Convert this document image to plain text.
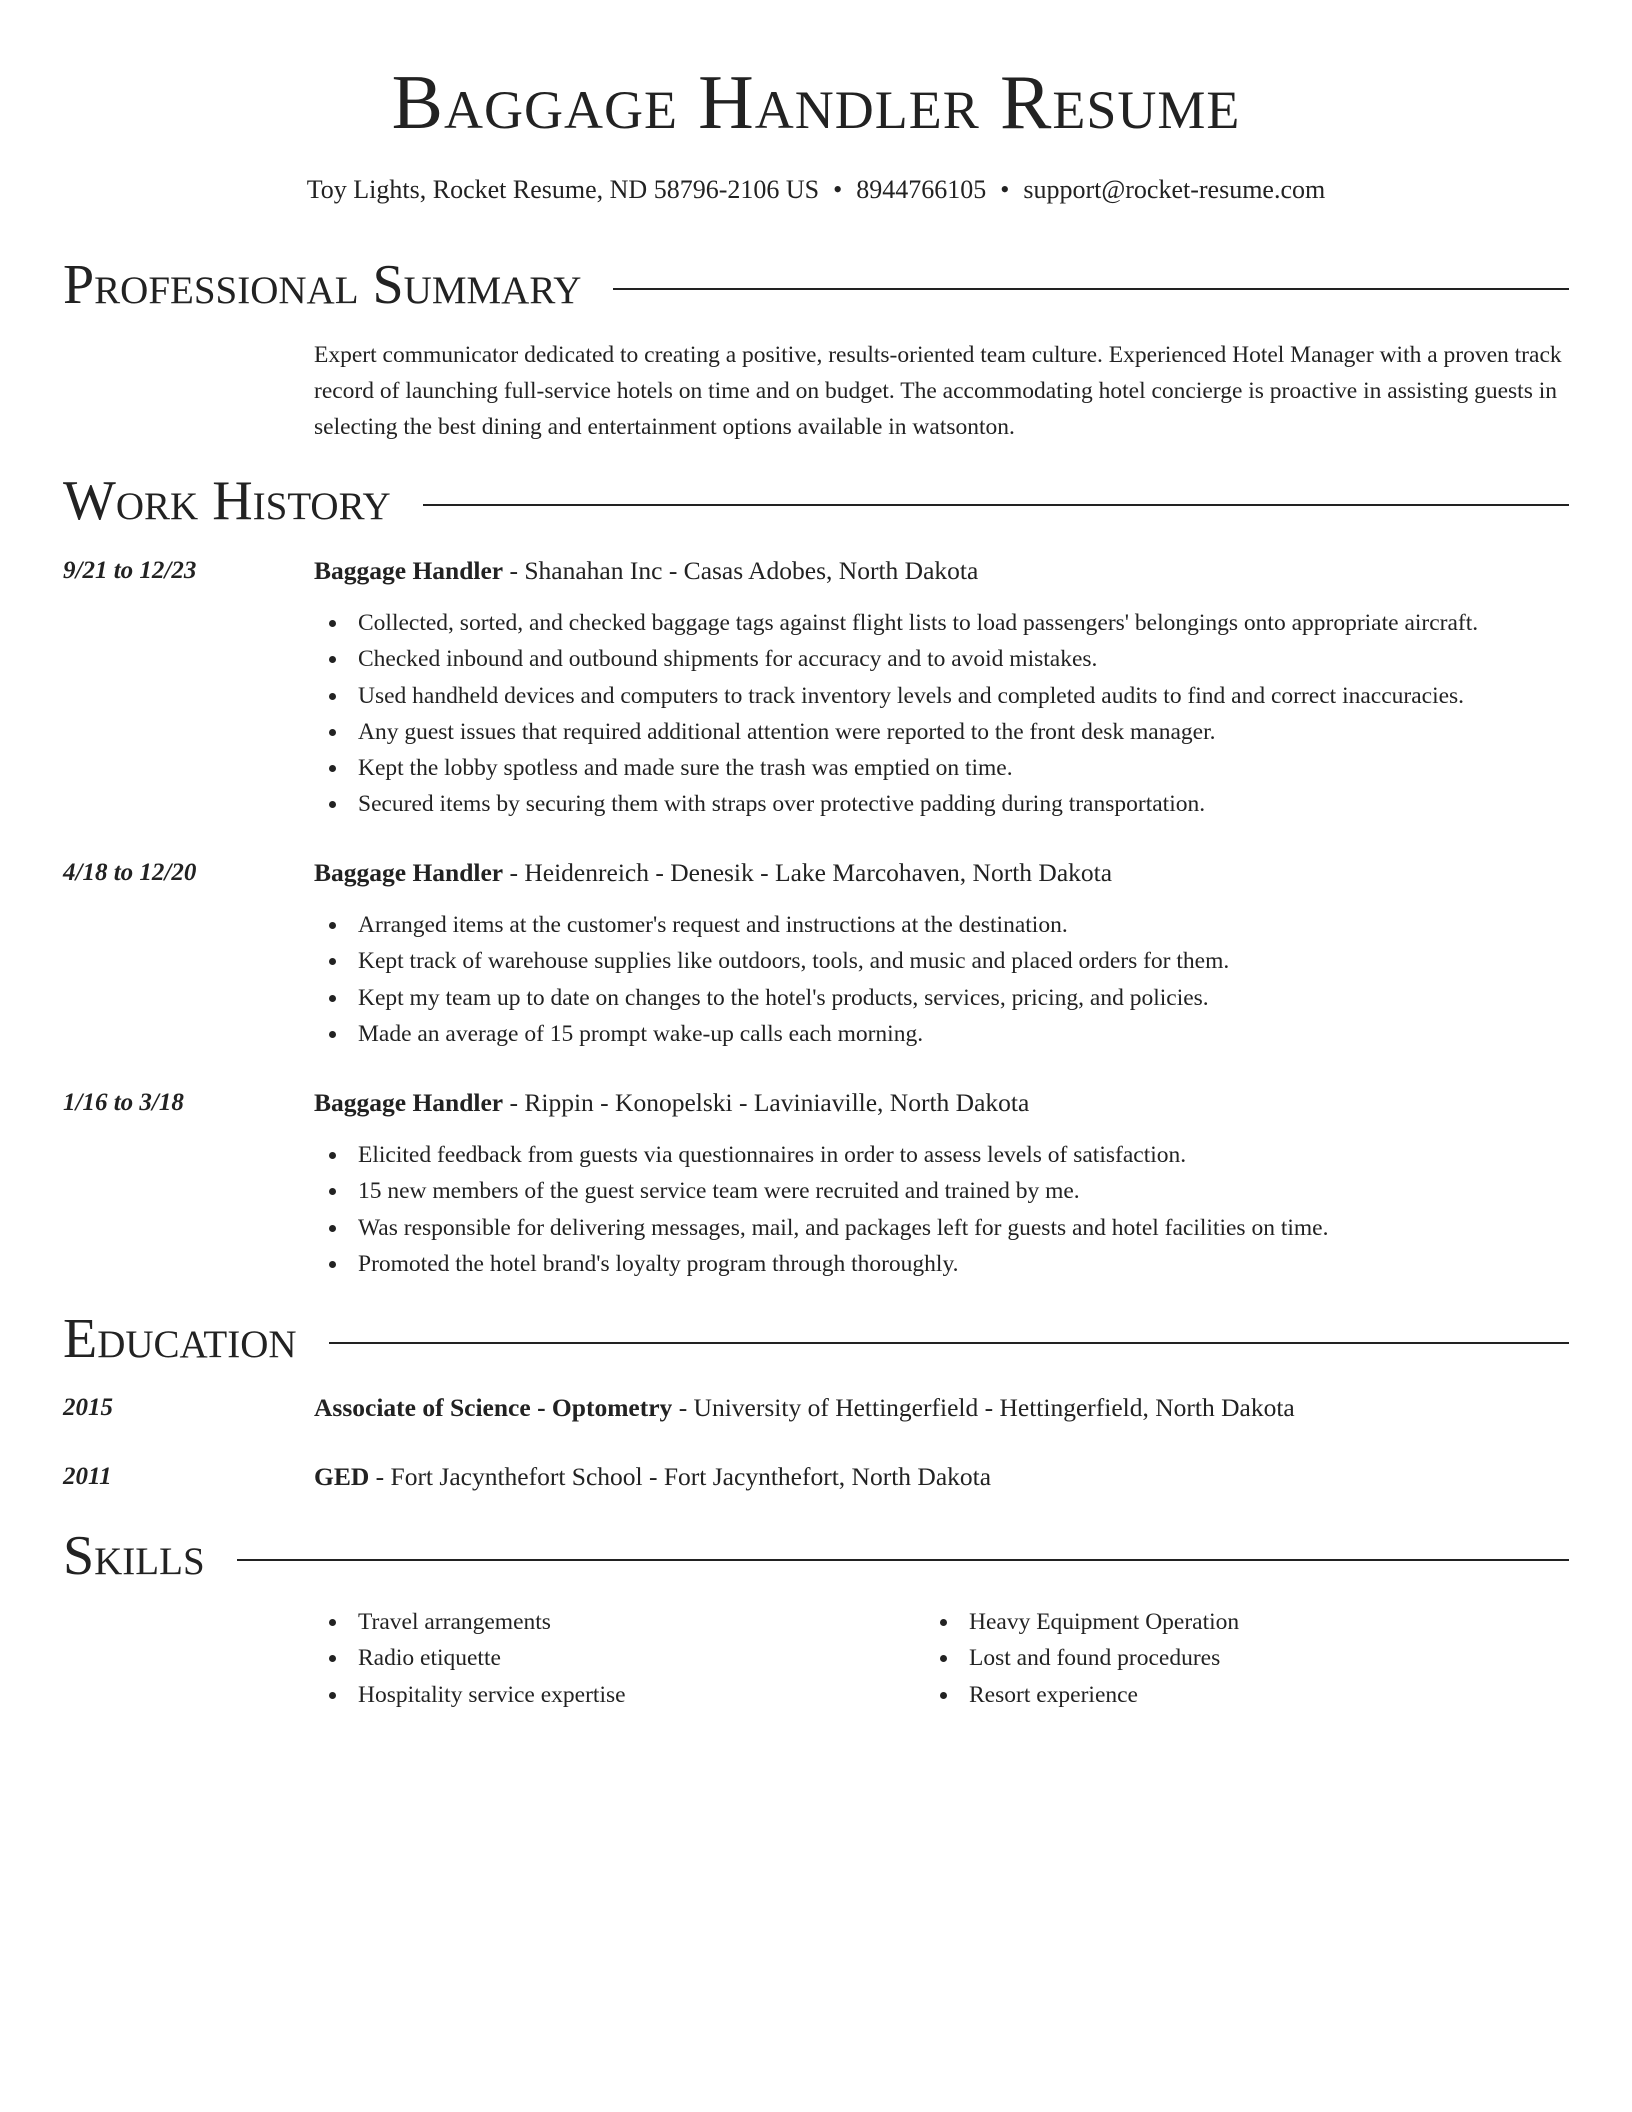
Baggage Handler Resume
Toy Lights, Rocket Resume, ND 58796-2106 US • 8944766105 • support@rocket-resume.com
Professional Summary
Expert communicator dedicated to creating a positive, results-oriented team culture. Experienced Hotel Manager with a proven track record of launching full-service hotels on time and on budget. The accommodating hotel concierge is proactive in assisting guests in selecting the best dining and entertainment options available in watsonton.
Work History
9/21 to 12/23	Baggage Handler - Shanahan Inc - Casas Adobes, North Dakota
Collected, sorted, and checked baggage tags against flight lists to load passengers' belongings onto appropriate aircraft.
Checked inbound and outbound shipments for accuracy and to avoid mistakes.
Used handheld devices and computers to track inventory levels and completed audits to find and correct inaccuracies.
Any guest issues that required additional attention were reported to the front desk manager.
Kept the lobby spotless and made sure the trash was emptied on time.
Secured items by securing them with straps over protective padding during transportation.
4/18 to 12/20	Baggage Handler - Heidenreich - Denesik - Lake Marcohaven, North Dakota
Arranged items at the customer's request and instructions at the destination.
Kept track of warehouse supplies like outdoors, tools, and music and placed orders for them.
Kept my team up to date on changes to the hotel's products, services, pricing, and policies.
Made an average of 15 prompt wake-up calls each morning.
1/16 to 3/18	Baggage Handler - Rippin - Konopelski - Laviniaville, North Dakota
Elicited feedback from guests via questionnaires in order to assess levels of satisfaction.
15 new members of the guest service team were recruited and trained by me.
Was responsible for delivering messages, mail, and packages left for guests and hotel facilities on time.
Promoted the hotel brand's loyalty program through thoroughly.
Education
2015	Associate of Science - Optometry - University of Hettingerfield - Hettingerfield, North Dakota
2011	GED - Fort Jacynthefort School - Fort Jacynthefort, North Dakota
Skills
Travel arrangements
Radio etiquette
Hospitality service expertise
Heavy Equipment Operation
Lost and found procedures
Resort experience
